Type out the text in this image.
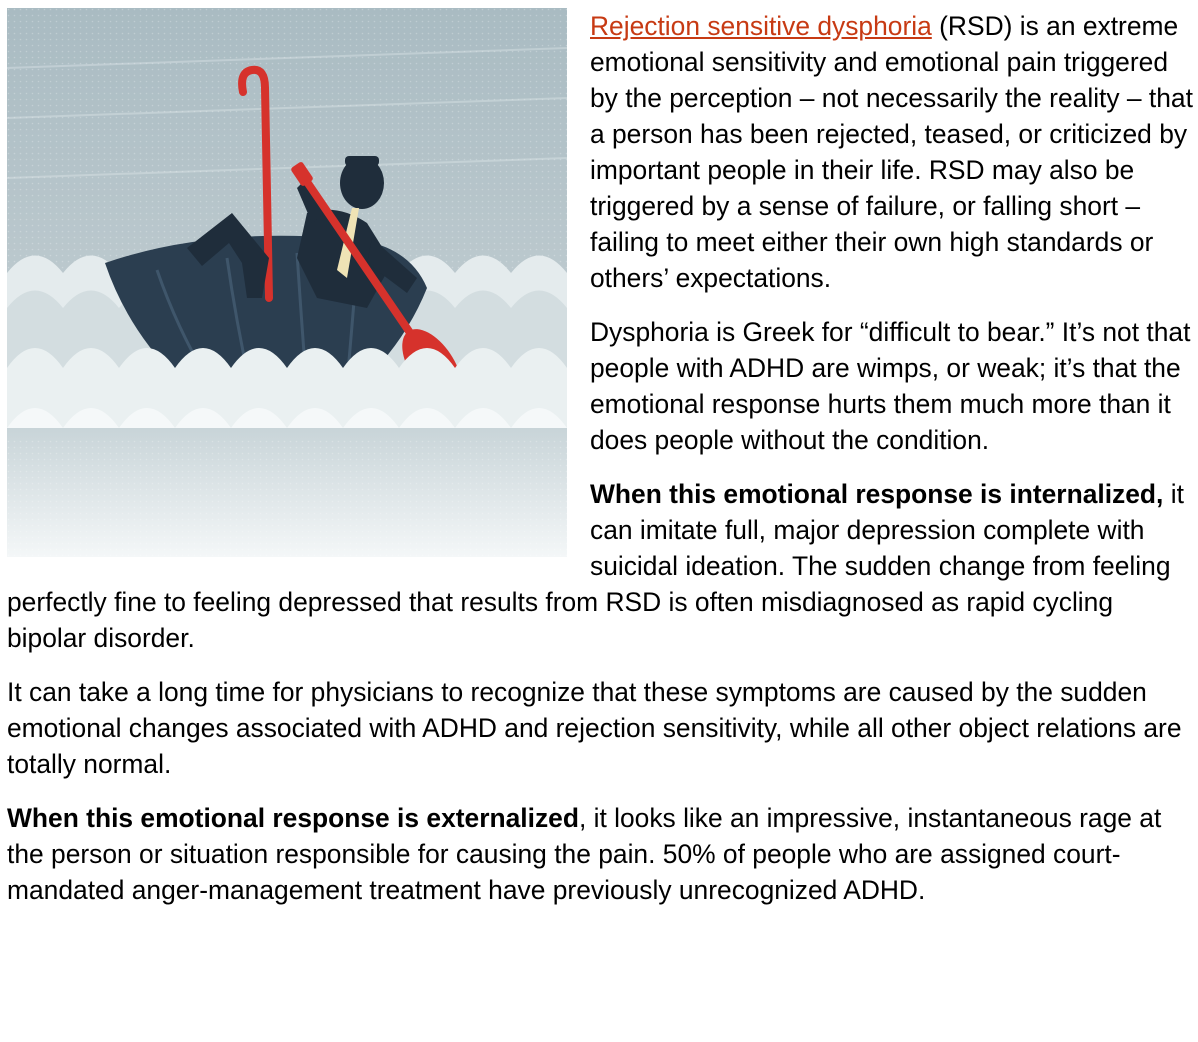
Rejection sensitive dysphoria (RSD) is an extreme emotional sensitivity and emotional pain triggered by the perception – not necessarily the reality – that a person has been rejected, teased, or criticized by important people in their life. RSD may also be triggered by a sense of failure, or falling short – failing to meet either their own high standards or others’ expectations.

Dysphoria is Greek for “difficult to bear.” It’s not that people with ADHD are wimps, or weak; it’s that the emotional response hurts them much more than it does people without the condition.

When this emotional response is internalized, it can imitate full, major depression complete with suicidal ideation. The sudden change from feeling perfectly fine to feeling depressed that results from RSD is often misdiagnosed as rapid cycling bipolar disorder.

It can take a long time for physicians to recognize that these symptoms are caused by the sudden emotional changes associated with ADHD and rejection sensitivity, while all other object relations are totally normal.

When this emotional response is externalized, it looks like an impressive, instantaneous rage at the person or situation responsible for causing the pain. 50% of people who are assigned court-mandated anger-management treatment have previously unrecognized ADHD.
